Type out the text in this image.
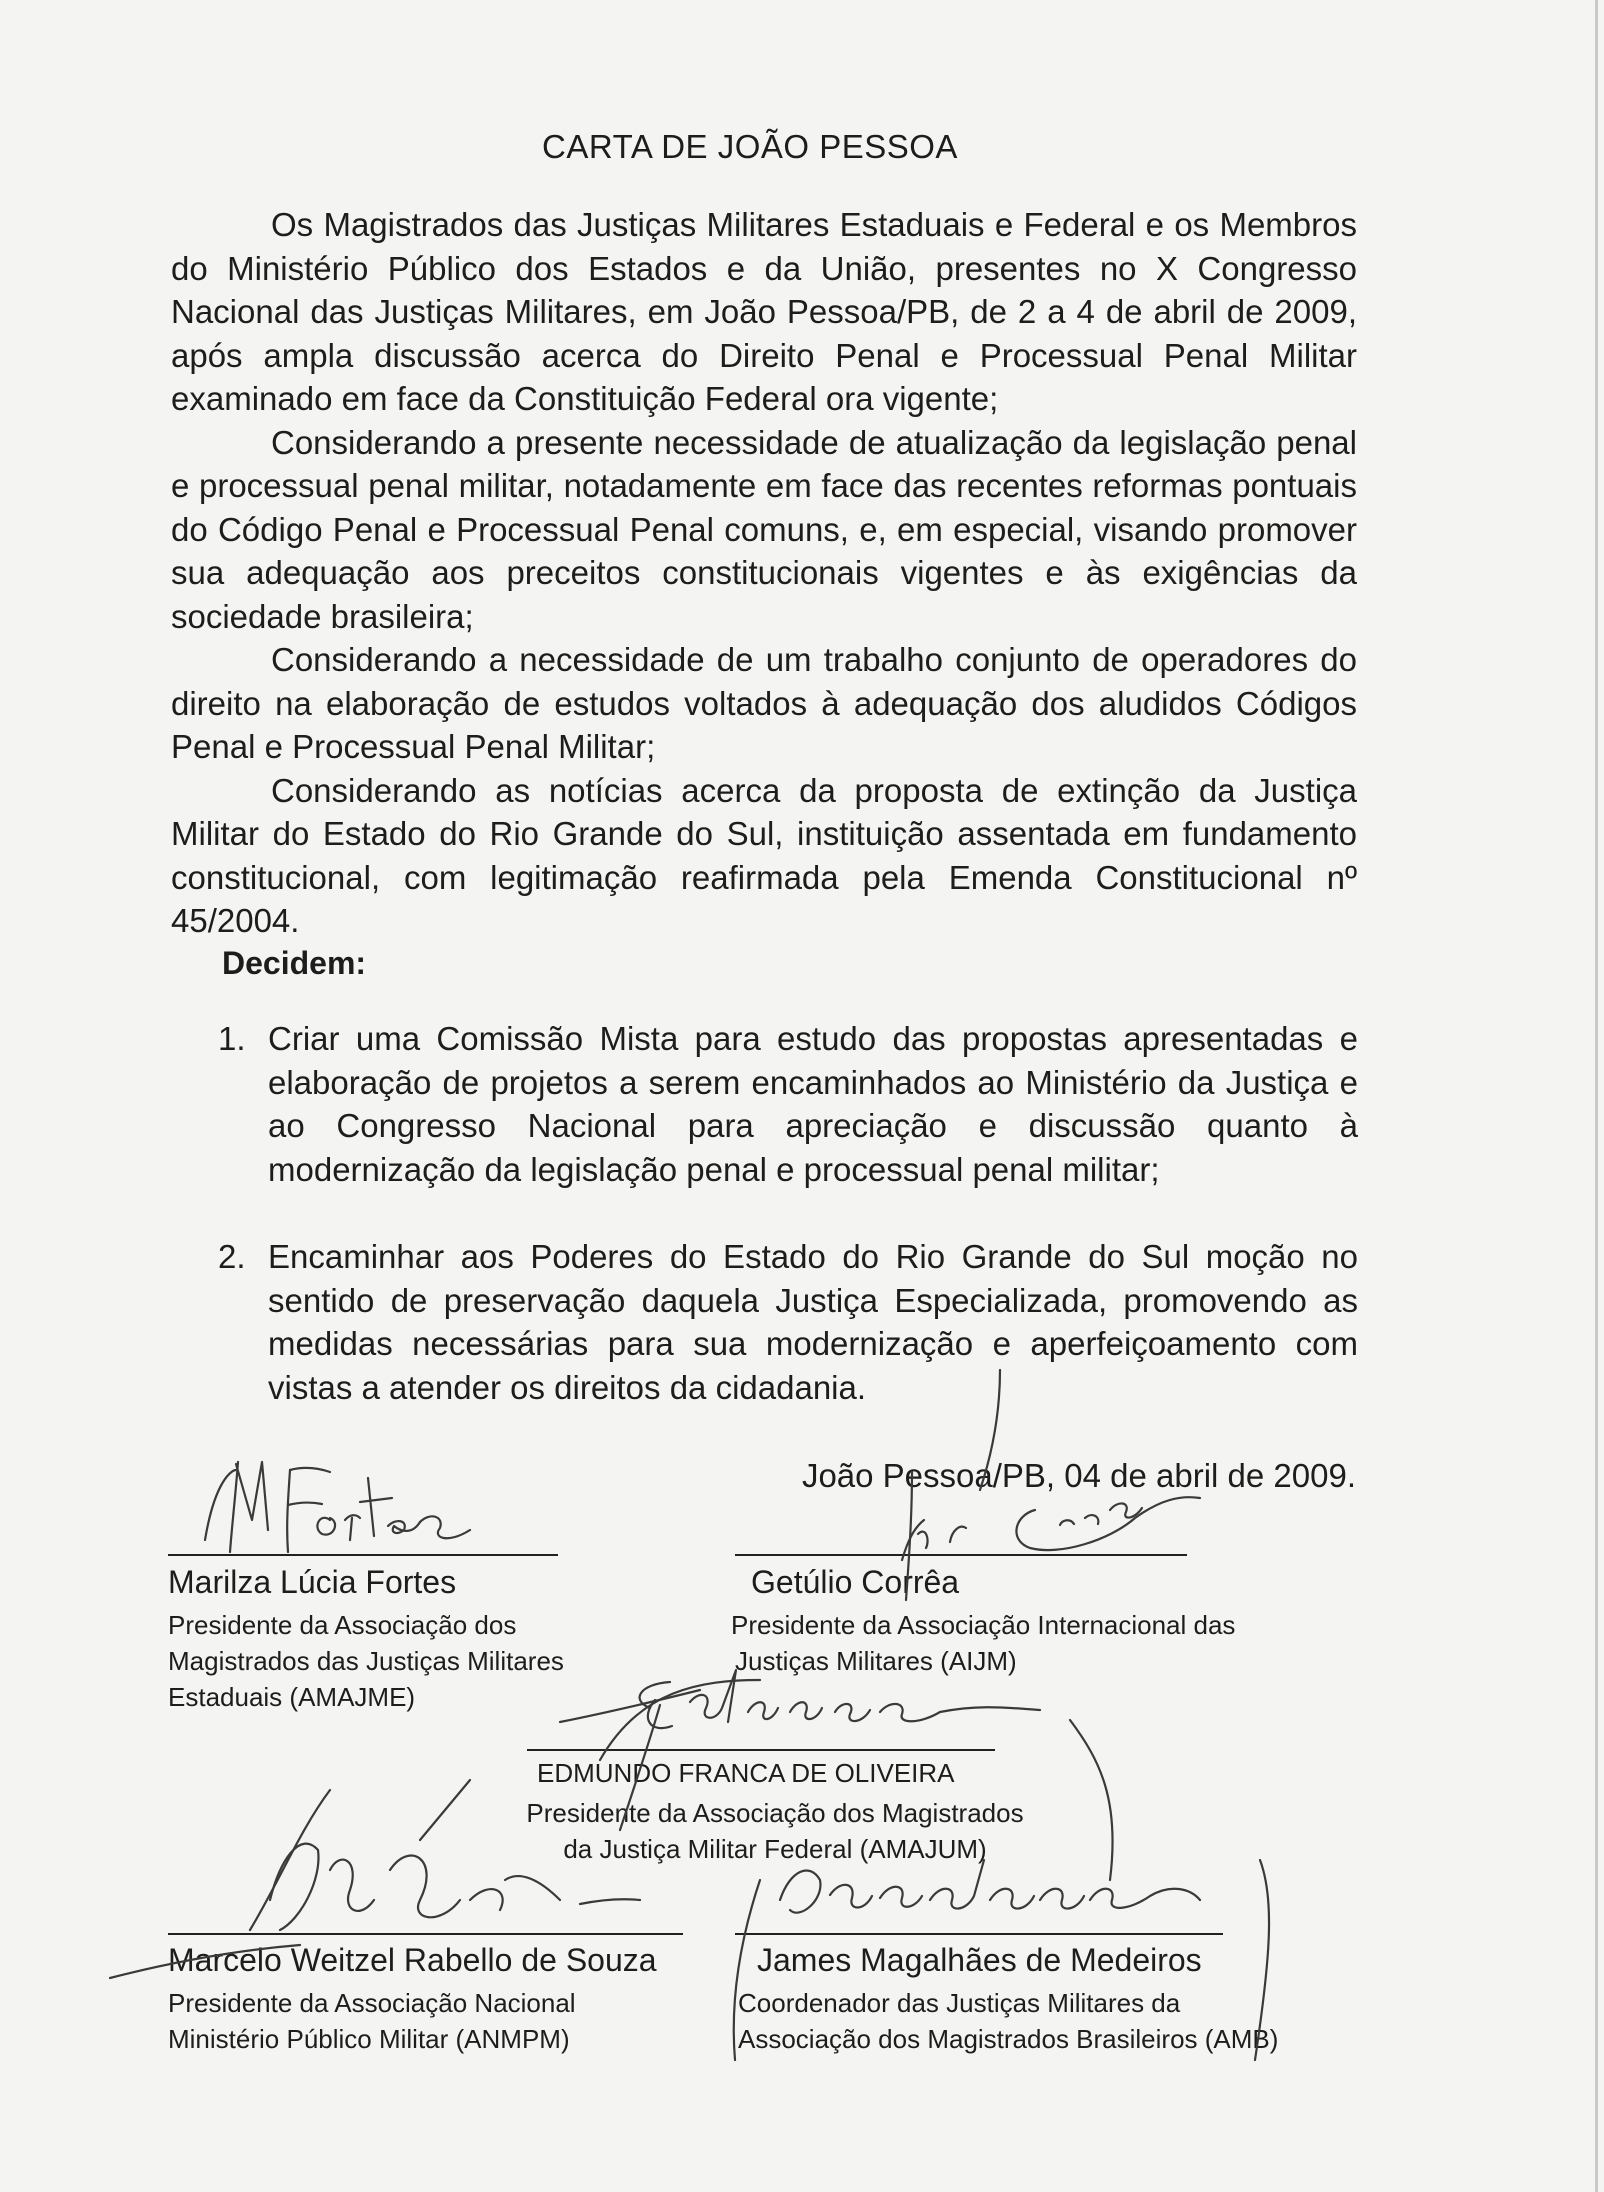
CARTA DE JOÃO PESSOA

Os Magistrados das Justiças Militares Estaduais e Federal e os Membros do Ministério Público dos Estados e da União, presentes no X Congresso Nacional das Justiças Militares, em João Pessoa/PB, de 2 a 4 de abril de 2009, após ampla discussão acerca do Direito Penal e Processual Penal Militar examinado em face da Constituição Federal ora vigente;

Considerando a presente necessidade de atualização da legislação penal e processual penal militar, notadamente em face das recentes reformas pontuais do Código Penal e Processual Penal comuns, e, em especial, visando promover sua adequação aos preceitos constitucionais vigentes e às exigências da sociedade brasileira;

Considerando a necessidade de um trabalho conjunto de operadores do direito na elaboração de estudos voltados à adequação dos aludidos Códigos Penal e Processual Penal Militar;

Considerando as notícias acerca da proposta de extinção da Justiça Militar do Estado do Rio Grande do Sul, instituição assentada em fundamento constitucional, com legitimação reafirmada pela Emenda Constitucional nº 45/2004.

Decidem:
1. Criar uma Comissão Mista para estudo das propostas apresentadas e elaboração de projetos a serem encaminhados ao Ministério da Justiça e ao Congresso Nacional para apreciação e discussão quanto à modernização da legislação penal e processual penal militar;
2. Encaminhar aos Poderes do Estado do Rio Grande do Sul moção no sentido de preservação daquela Justiça Especializada, promovendo as medidas necessárias para sua modernização e aperfeiçoamento com vistas a atender os direitos da cidadania.
João Pessoa/PB, 04 de abril de 2009.
Marilza Lúcia Fortes
Presidente da Associação dos
Magistrados das Justiças Militares
Estaduais (AMAJME)
Getúlio Corrêa
Presidente da Associação Internacional das
Justiças Militares (AIJM)
EDMUNDO FRANCA DE OLIVEIRA
Presidente da Associação dos Magistrados
da Justiça Militar Federal (AMAJUM)
Marcelo Weitzel Rabello de Souza
Presidente da Associação Nacional
Ministério Público Militar (ANMPM)
James Magalhães de Medeiros
Coordenador das Justiças Militares da
Associação dos Magistrados Brasileiros (AMB)
